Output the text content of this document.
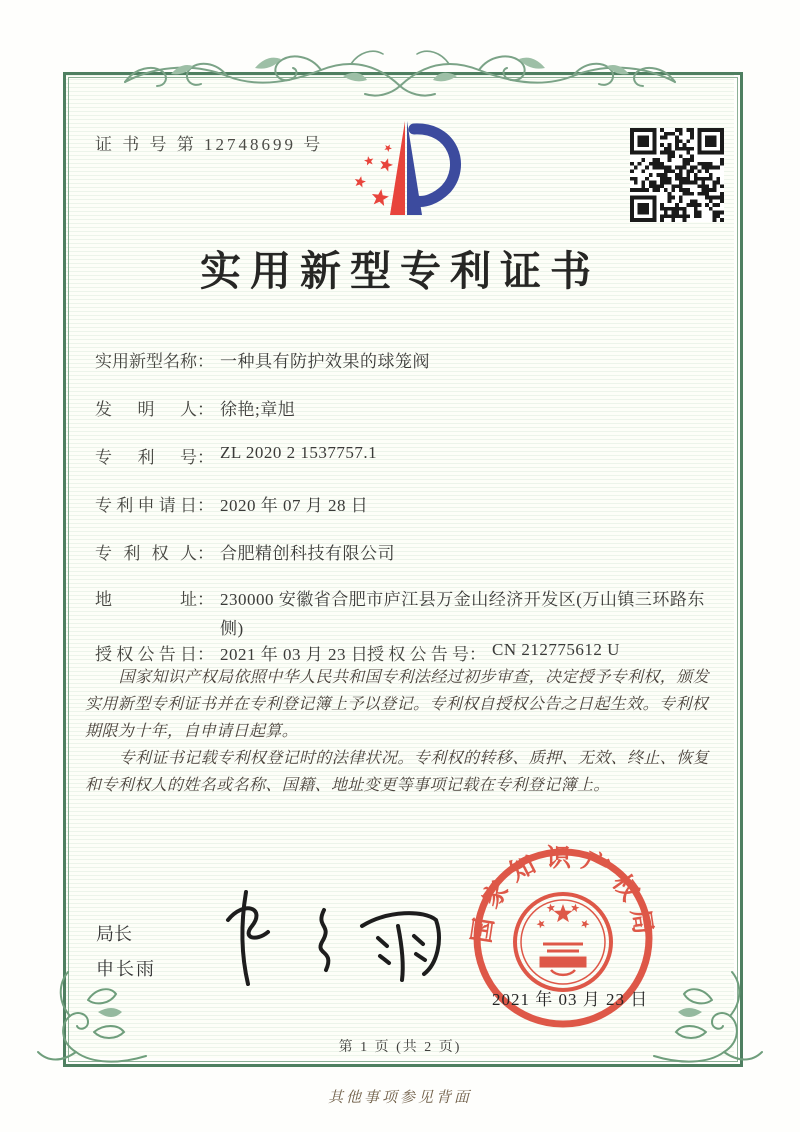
证 书 号 第 12748699 号
实用新型专利证书
实用新型名称： 一种具有防护效果的球笼阀
发明人： 徐艳;章旭
专利号： ZL 2020 2 1537757.1
专利申请日： 2020 年 07 月 28 日
专利权人： 合肥精创科技有限公司
地址： 230000 安徽省合肥市庐江县万金山经济开发区(万山镇三环路东侧)
授权公告日： 2021 年 03 月 23 日
授权公告号： CN 212775612 U

国家知识产权局依照中华人民共和国专利法经过初步审查，决定授予专利权，颁发实用新型专利证书并在专利登记簿上予以登记。专利权自授权公告之日起生效。专利权期限为十年，自申请日起算。

专利证书记载专利权登记时的法律状况。专利权的转移、质押、无效、终止、恢复和专利权人的姓名或名称、国籍、地址变更等事项记载在专利登记簿上。

局长
申长雨
国家知识产权局
2021 年 03 月 23 日
第 1 页 (共 2 页)
其他事项参见背面
